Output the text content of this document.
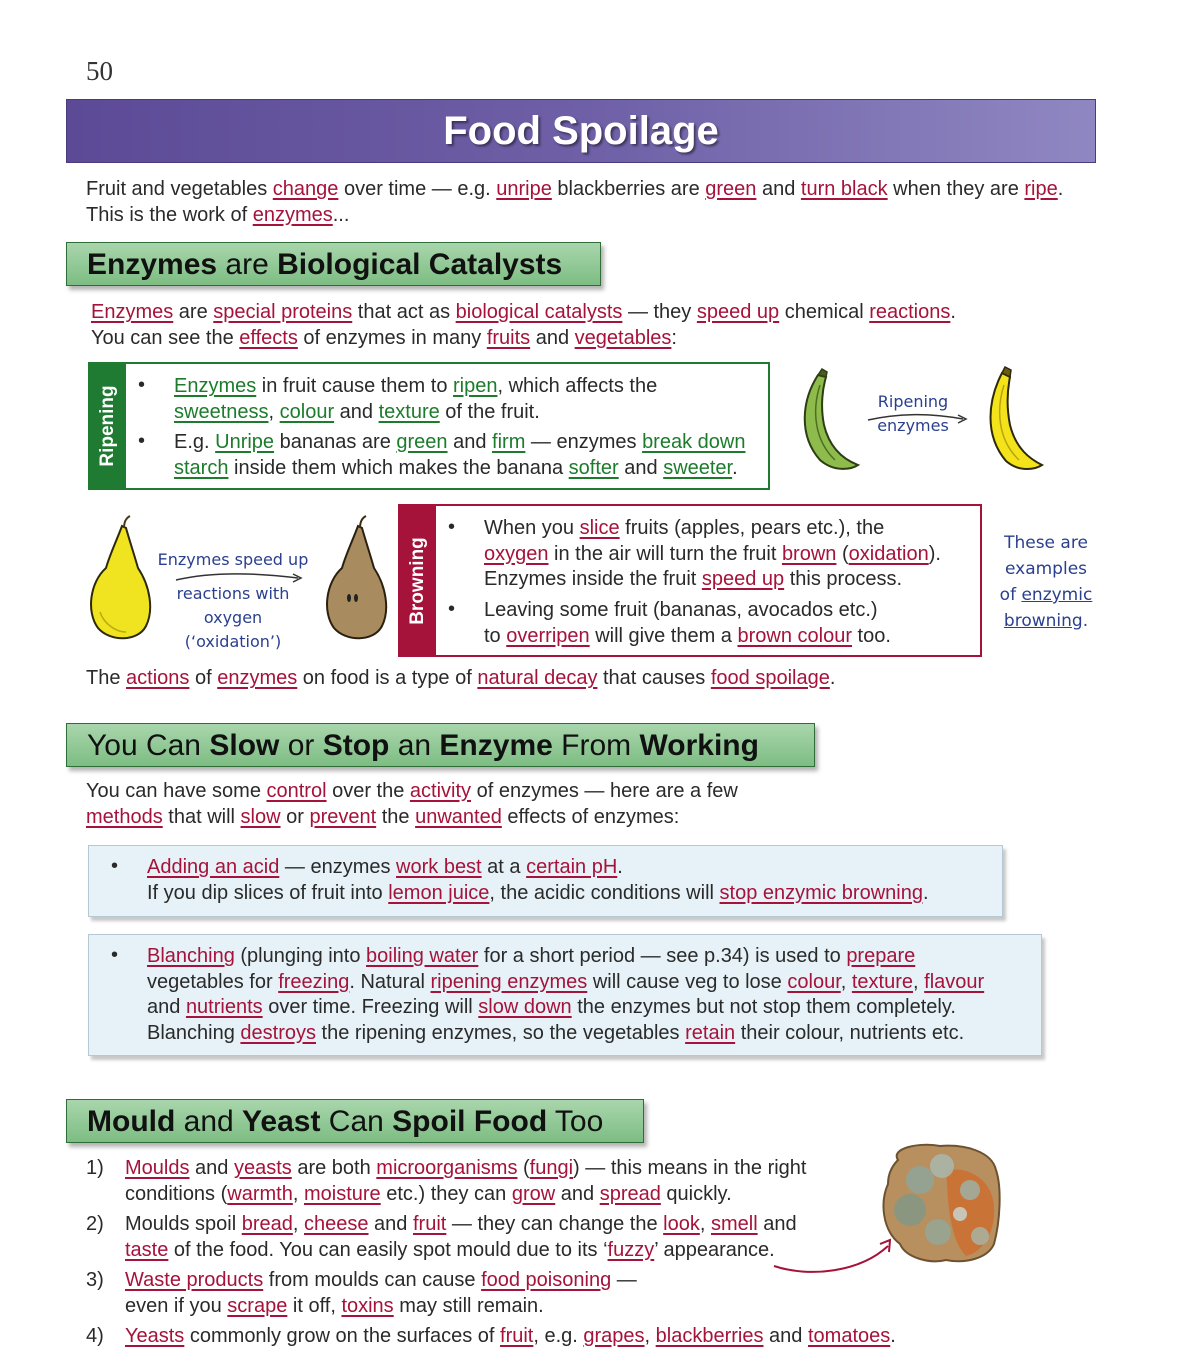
50
Food Spoilage
Fruit and vegetables change over time — e.g. unripe blackberries are green and turn black when they are ripe.
This is the work of enzymes...
Enzymes are Biological Catalysts
Enzymes are special proteins that act as biological catalysts — they speed up chemical reactions.
You can see the effects of enzymes in many fruits and vegetables:
Ripening
• Enzymes in fruit cause them to ripen, which affects the
sweetness, colour and texture of the fruit.
• E.g. Unripe bananas are green and firm — enzymes break down
starch inside them which makes the banana softer and sweeter.
Ripening
enzymes
Enzymes speed up
reactions with oxygen
(‘oxidation’)
Browning
• When you slice fruits (apples, pears etc.), the
oxygen in the air will turn the fruit brown (oxidation).
Enzymes inside the fruit speed up this process.
• Leaving some fruit (bananas, avocados etc.)
to overripen will give them a brown colour too.
These are
examples
of enzymic
browning.
The actions of enzymes on food is a type of natural decay that causes food spoilage.
You Can Slow or Stop an Enzyme From Working
You can have some control over the activity of enzymes — here are a few
methods that will slow or prevent the unwanted effects of enzymes:
• Adding an acid — enzymes work best at a certain pH.
If you dip slices of fruit into lemon juice, the acidic conditions will stop enzymic browning.
• Blanching (plunging into boiling water for a short period — see p.34) is used to prepare
vegetables for freezing. Natural ripening enzymes will cause veg to lose colour, texture, flavour
and nutrients over time. Freezing will slow down the enzymes but not stop them completely.
Blanching destroys the ripening enzymes, so the vegetables retain their colour, nutrients etc.
Mould and Yeast Can Spoil Food Too
1) Moulds and yeasts are both microorganisms (fungi) — this means in the right
conditions (warmth, moisture etc.) they can grow and spread quickly.
2) Moulds spoil bread, cheese and fruit — they can change the look, smell and
taste of the food. You can easily spot mould due to its ‘fuzzy’ appearance.
3) Waste products from moulds can cause food poisoning —
even if you scrape it off, toxins may still remain.
4) Yeasts commonly grow on the surfaces of fruit, e.g. grapes, blackberries and tomatoes.
